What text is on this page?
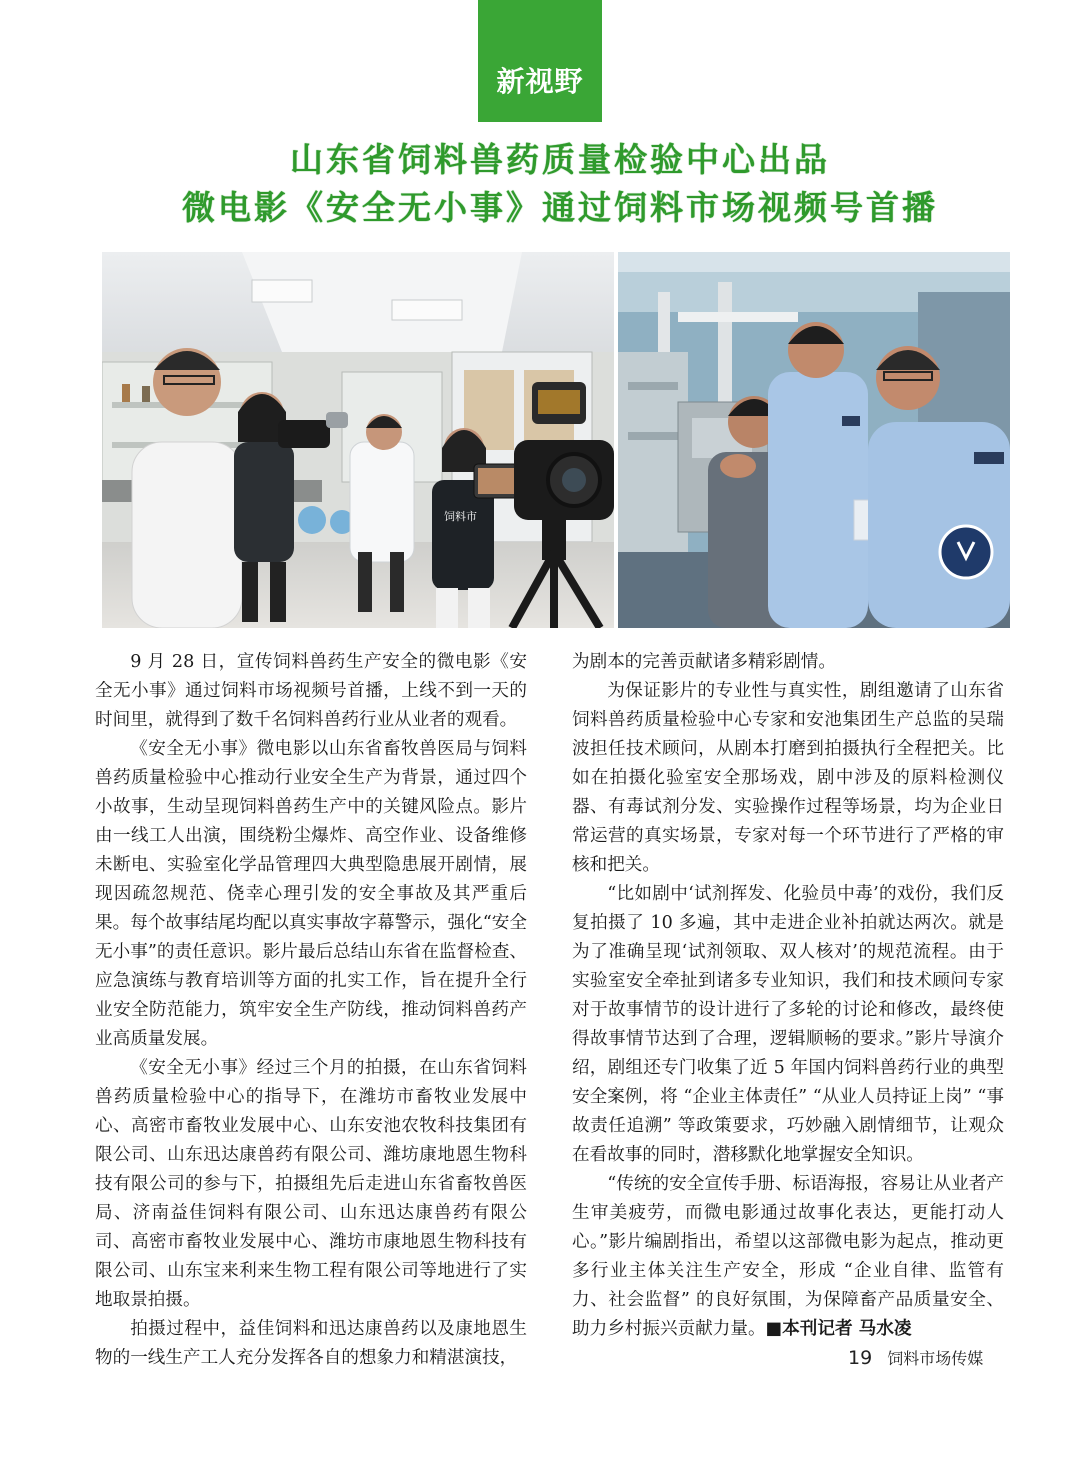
新视野
山东省饲料兽药质量检验中心出品
微电影《安全无小事》通过饲料市场视频号首播
饲料市

9 月 28 日，宣传饲料兽药生产安全的微电影《安全无小事》通过饲料市场视频号首播，上线不到一天的时间里，就得到了数千名饲料兽药行业从业者的观看。

《安全无小事》微电影以山东省畜牧兽医局与饲料兽药质量检验中心推动行业安全生产为背景，通过四个小故事，生动呈现饲料兽药生产中的关键风险点。影片由一线工人出演，围绕粉尘爆炸、高空作业、设备维修未断电、实验室化学品管理四大典型隐患展开剧情，展现因疏忽规范、侥幸心理引发的安全事故及其严重后果。每个故事结尾均配以真实事故字幕警示，强化“安全无小事”的责任意识。影片最后总结山东省在监督检查、应急演练与教育培训等方面的扎实工作，旨在提升全行业安全防范能力，筑牢安全生产防线，推动饲料兽药产业高质量发展。

《安全无小事》经过三个月的拍摄，在山东省饲料兽药质量检验中心的指导下，在潍坊市畜牧业发展中心、高密市畜牧业发展中心、山东安池农牧科技集团有限公司、山东迅达康兽药有限公司、潍坊康地恩生物科技有限公司的参与下，拍摄组先后走进山东省畜牧兽医局、济南益佳饲料有限公司、山东迅达康兽药有限公司、高密市畜牧业发展中心、潍坊市康地恩生物科技有限公司、山东宝来利来生物工程有限公司等地进行了实地取景拍摄。

拍摄过程中，益佳饲料和迅达康兽药以及康地恩生物的一线生产工人充分发挥各自的想象力和精湛演技，

为剧本的完善贡献诸多精彩剧情。

为保证影片的专业性与真实性，剧组邀请了山东省饲料兽药质量检验中心专家和安池集团生产总监的吴瑞波担任技术顾问，从剧本打磨到拍摄执行全程把关。比如在拍摄化验室安全那场戏，剧中涉及的原料检测仪器、有毒试剂分发、实验操作过程等场景，均为企业日常运营的真实场景，专家对每一个环节进行了严格的审核和把关。

“比如剧中‘试剂挥发、化验员中毒’的戏份，我们反复拍摄了 10 多遍，其中走进企业补拍就达两次。就是为了准确呈现‘试剂领取、双人核对’的规范流程。由于实验室安全牵扯到诸多专业知识，我们和技术顾问专家对于故事情节的设计进行了多轮的讨论和修改，最终使得故事情节达到了合理，逻辑顺畅的要求。”影片导演介绍，剧组还专门收集了近 5 年国内饲料兽药行业的典型安全案例，将 “企业主体责任” “从业人员持证上岗” “事故责任追溯” 等政策要求，巧妙融入剧情细节，让观众在看故事的同时，潜移默化地掌握安全知识。

“传统的安全宣传手册、标语海报，容易让从业者产生审美疲劳，而微电影通过故事化表达，更能打动人心。”影片编剧指出，希望以这部微电影为起点，推动更多行业主体关注生产安全，形成 “企业自律、监管有力、社会监督” 的良好氛围，为保障畜产品质量安全、助力乡村振兴贡献力量。■本刊记者 马水凌

19 饲料市场传媒
